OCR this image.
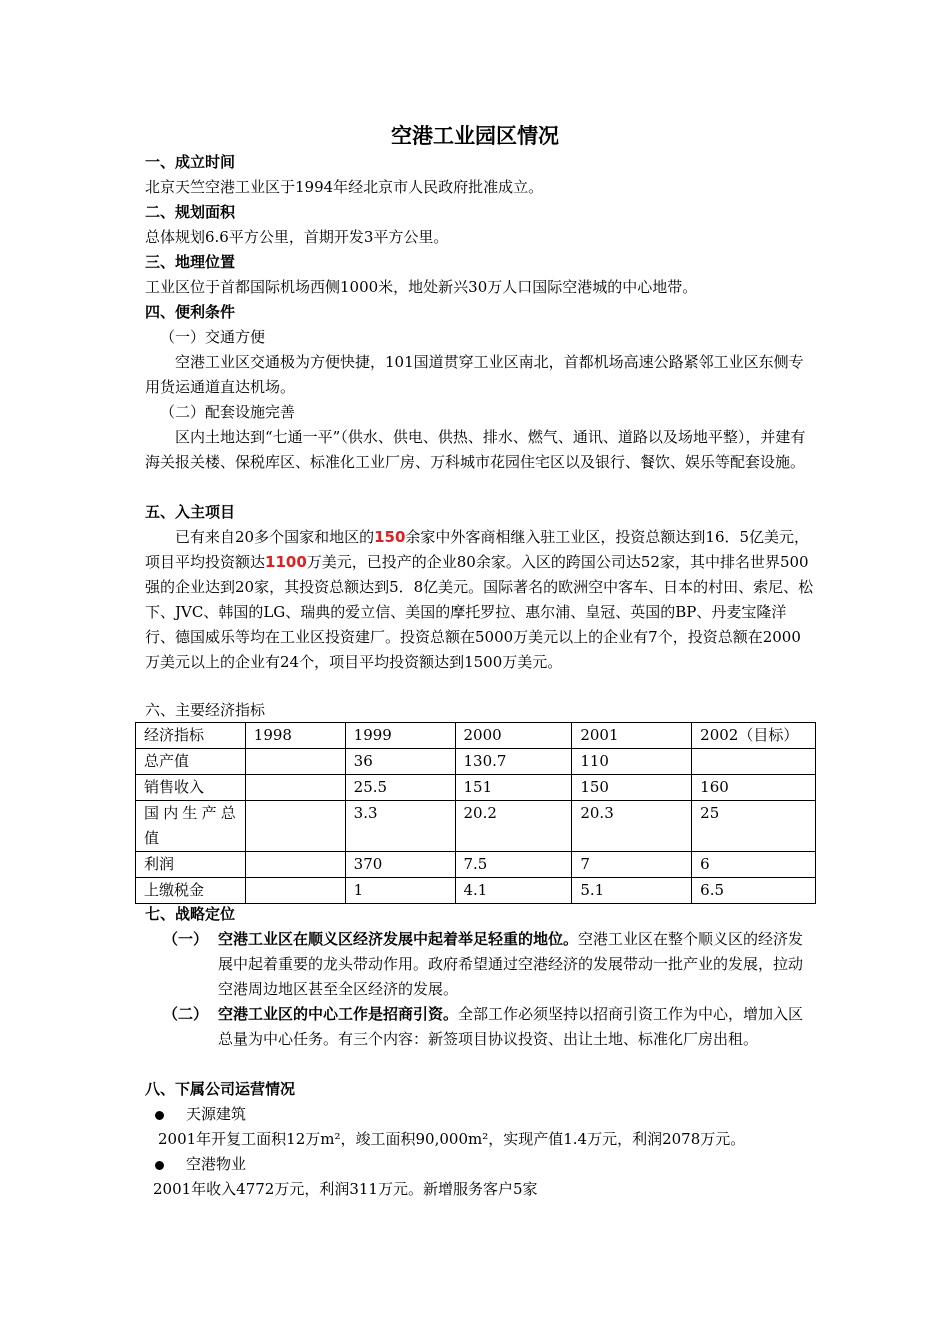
空港工业园区情况
一、成立时间
北京天竺空港工业区于1994年经北京市人民政府批准成立。
二、规划面积
总体规划6.6平方公里，首期开发3平方公里。
三、地理位置
工业区位于首都国际机场西侧1000米，地处新兴30万人口国际空港城的中心地带。
四、便利条件
（一）交通方便
空港工业区交通极为方便快捷，101国道贯穿工业区南北，首都机场高速公路紧邻工业区东侧专用货运通道直达机场。
（二）配套设施完善
区内土地达到“七通一平”（供水、供电、供热、排水、燃气、通讯、道路以及场地平整），并建有海关报关楼、保税库区、标准化工业厂房、万科城市花园住宅区以及银行、餐饮、娱乐等配套设施。
五、入主项目
已有来自20多个国家和地区的150余家中外客商相继入驻工业区，投资总额达到16．5亿美元，项目平均投资额达1100万美元，已投产的企业80余家。入区的跨国公司达52家，其中排名世界500强的企业达到20家，其投资总额达到5．8亿美元。国际著名的欧洲空中客车、日本的村田、索尼、松下、JVC、韩国的LG、瑞典的爱立信、美国的摩托罗拉、惠尔浦、皇冠、英国的BP、丹麦宝隆洋行、德国威乐等均在工业区投资建厂。投资总额在5000万美元以上的企业有7个，投资总额在2000万美元以上的企业有24个，项目平均投资额达到1500万美元。
六、主要经济指标
经济指标	1998	1999	2000	2001	2002（目标）
总产值		36	130.7	110	
销售收入		25.5	151	150	160
国内生产总值		3.3	20.2	20.3	25
利润		370	7.5	7	6
上缴税金		1	4.1	5.1	6.5
七、战略定位
（一） 空港工业区在顺义区经济发展中起着举足轻重的地位。空港工业区在整个顺义区的经济发展中起着重要的龙头带动作用。政府希望通过空港经济的发展带动一批产业的发展，拉动空港周边地区甚至全区经济的发展。
（二） 空港工业区的中心工作是招商引资。全部工作必须坚持以招商引资工作为中心，增加入区总量为中心任务。有三个内容：新签项目协议投资、出让土地、标准化厂房出租。
八、下属公司运营情况
天源建筑
2001年开复工面积12万m²，竣工面积90,000m²，实现产值1.4万元，利润2078万元。
空港物业
2001年收入4772万元，利润311万元。新增服务客户5家
